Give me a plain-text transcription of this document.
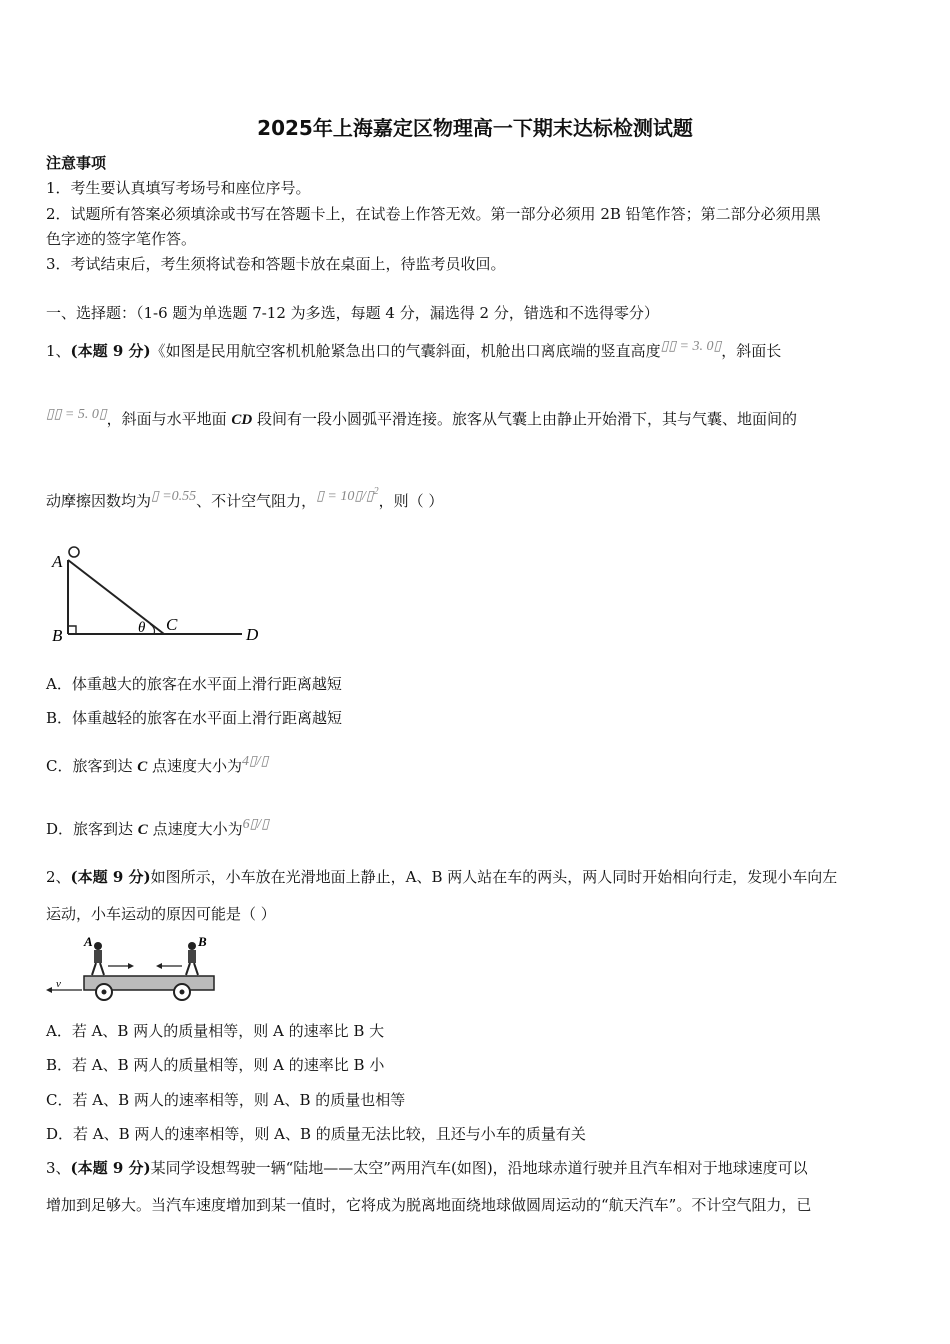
2025年上海嘉定区物理高一下期末达标检测试题
注意事项
1．考生要认真填写考场号和座位序号。
2．试题所有答案必须填涂或书写在答题卡上，在试卷上作答无效。第一部分必须用 2B 铅笔作答；第二部分必须用黑
色字迹的签字笔作答。
3．考试结束后，考生须将试卷和答题卡放在桌面上，待监考员收回。
一、选择题：（1-6 题为单选题 7-12 为多选，每题 4 分，漏选得 2 分，错选和不选得零分）
1、(本题 9 分)《如图是民用航空客机机舱紧急出口的气囊斜面，机舱出口离底端的竖直高度▯▯ = 3. 0▯，斜面长
▯▯ = 5. 0▯，斜面与水平地面 CD 段间有一段小圆弧平滑连接。旅客从气囊上由静止开始滑下，其与气囊、地面间的
动摩擦因数均为▯ =0.55、不计空气阻力，▯ = 10▯/▯$^2$，则（ ）
A
B	θ C
D
A．体重越大的旅客在水平面上滑行距离越短
B．体重越轻的旅客在水平面上滑行距离越短
C．旅客到达 C 点速度大小为4▯/▯
D．旅客到达 C 点速度大小为6▯/▯
2、(本题 9 分)如图所示，小车放在光滑地面上静止，A、B 两人站在车的两头，两人同时开始相向行走，发现小车向左
运动，小车运动的原因可能是（ ）
v
A	B
A．若 A、B 两人的质量相等，则 A 的速率比 B 大
B．若 A、B 两人的质量相等，则 A 的速率比 B 小
C．若 A、B 两人的速率相等，则 A、B 的质量也相等
D．若 A、B 两人的速率相等，则 A、B 的质量无法比较，且还与小车的质量有关
3、(本题 9 分)某同学设想驾驶一辆“陆地——太空”两用汽车(如图)，沿地球赤道行驶并且汽车相对于地球速度可以
增加到足够大。当汽车速度增加到某一值时，它将成为脱离地面绕地球做圆周运动的“航天汽车”。不计空气阻力，已
